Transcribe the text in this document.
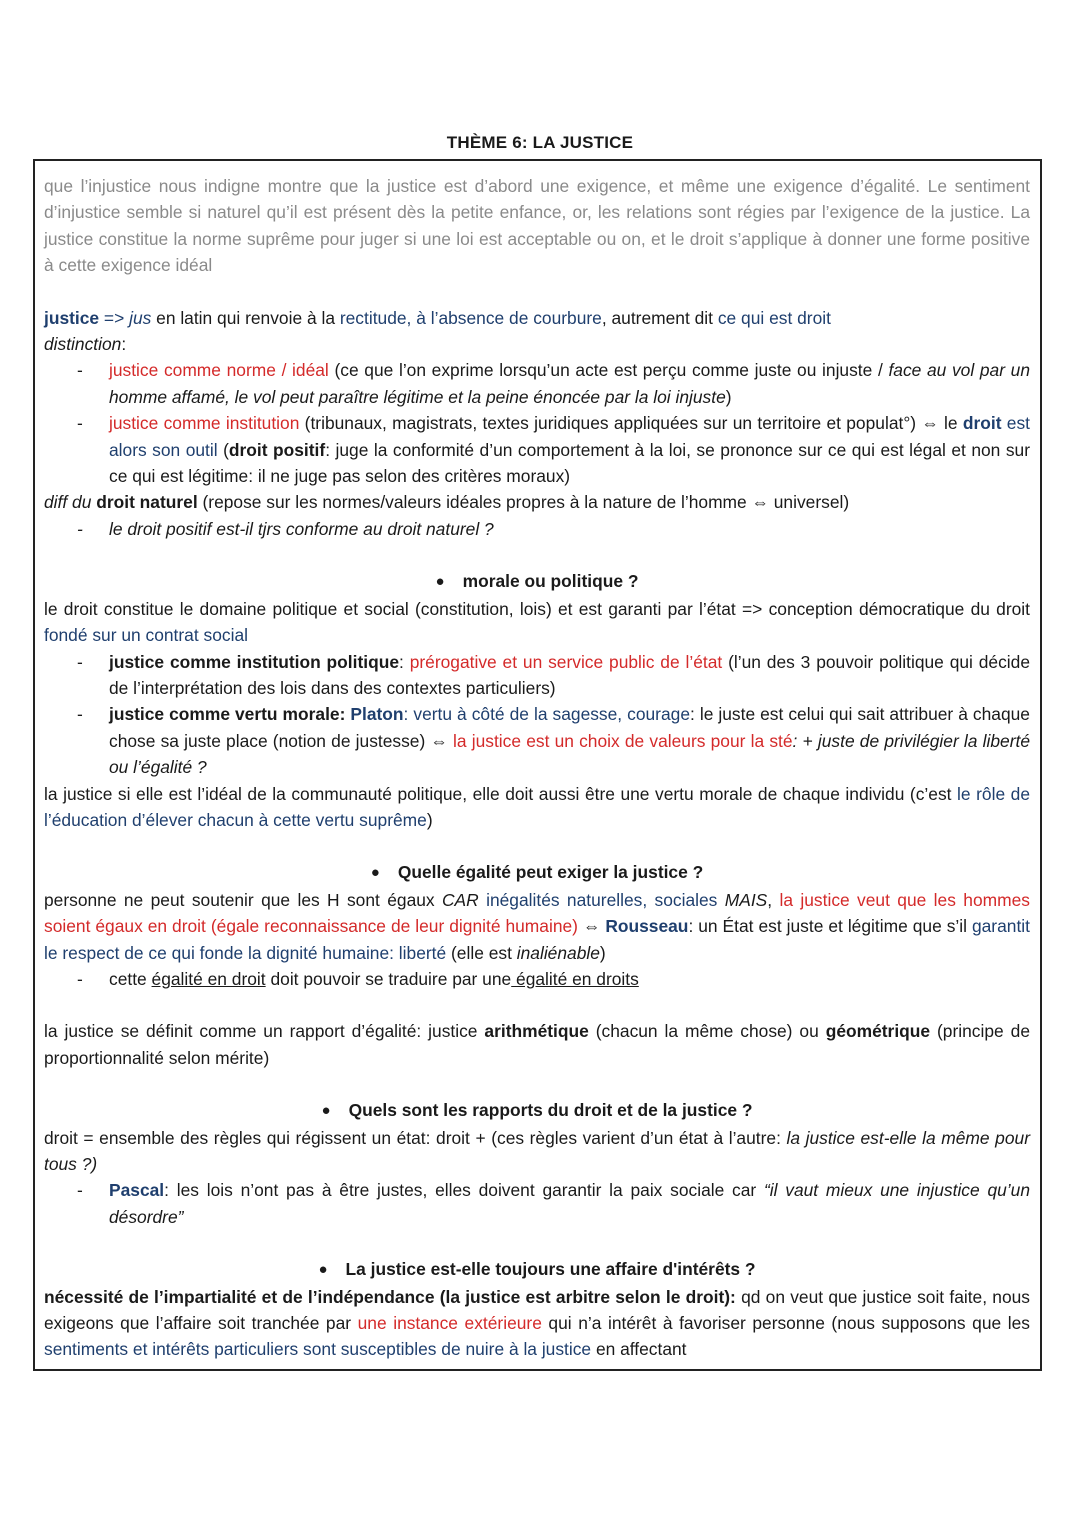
THÈME 6: LA JUSTICE

que l’injustice nous indigne montre que la justice est d’abord une exigence, et même une exigence d’égalité. Le sentiment d’injustice semble si naturel qu’il est présent dès la petite enfance, or, les relations sont régies par l’exigence de la justice. La justice constitue la norme suprême pour juger si une loi est acceptable ou on, et le droit s’applique à donner une forme positive à cette exigence idéal

justice => jus en latin qui renvoie à la rectitude, à l’absence de courbure, autrement dit ce qui est droit

distinction:

- justice comme norme / idéal (ce que l’on exprime lorsqu’un acte est perçu comme juste ou injuste / face au vol par un homme affamé, le vol peut paraître légitime et la peine énoncée par la loi injuste)
- justice comme institution (tribunaux, magistrats, textes juridiques appliquées sur un territoire et populat°) ⇔ le droit est alors son outil (droit positif: juge la conformité d’un comportement à la loi, se prononce sur ce qui est légal et non sur ce qui est légitime: il ne juge pas selon des critères moraux)

diff du droit naturel (repose sur les normes/valeurs idéales propres à la nature de l’homme ⇔ universel)

- le droit positif est-il tjrs conforme au droit naturel ?
● morale ou politique ?

le droit constitue le domaine politique et social (constitution, lois) et est garanti par l’état => conception démocratique du droit fondé sur un contrat social

- justice comme institution politique: prérogative et un service public de l’état (l’un des 3 pouvoir politique qui décide de l’interprétation des lois dans des contextes particuliers)
- justice comme vertu morale: Platon: vertu à côté de la sagesse, courage: le juste est celui qui sait attribuer à chaque chose sa juste place (notion de justesse) ⇔ la justice est un choix de valeurs pour la sté: + juste de privilégier la liberté ou l’égalité ?

la justice si elle est l’idéal de la communauté politique, elle doit aussi être une vertu morale de chaque individu (c’est le rôle de l’éducation d’élever chacun à cette vertu suprême)

● Quelle égalité peut exiger la justice ?

personne ne peut soutenir que les H sont égaux CAR inégalités naturelles, sociales MAIS, la justice veut que les hommes soient égaux en droit (égale reconnaissance de leur dignité humaine) ⇔ Rousseau: un État est juste et légitime que s’il garantit le respect de ce qui fonde la dignité humaine: liberté (elle est inaliénable)

- cette égalité en droit doit pouvoir se traduire par une égalité en droits

la justice se définit comme un rapport d’égalité: justice arithmétique (chacun la même chose) ou géométrique (principe de proportionnalité selon mérite)

● Quels sont les rapports du droit et de la justice ?

droit = ensemble des règles qui régissent un état: droit + (ces règles varient d’un état à l’autre: la justice est-elle la même pour tous ?)

- Pascal: les lois n’ont pas à être justes, elles doivent garantir la paix sociale car “il vaut mieux une injustice qu’un désordre”
● La justice est-elle toujours une affaire d'intérêts ?

nécessité de l’impartialité et de l’indépendance (la justice est arbitre selon le droit): qd on veut que justice soit faite, nous exigeons que l’affaire soit tranchée par une instance extérieure qui n’a intérêt à favoriser personne (nous supposons que les sentiments et intérêts particuliers sont susceptibles de nuire à la justice en affectant
